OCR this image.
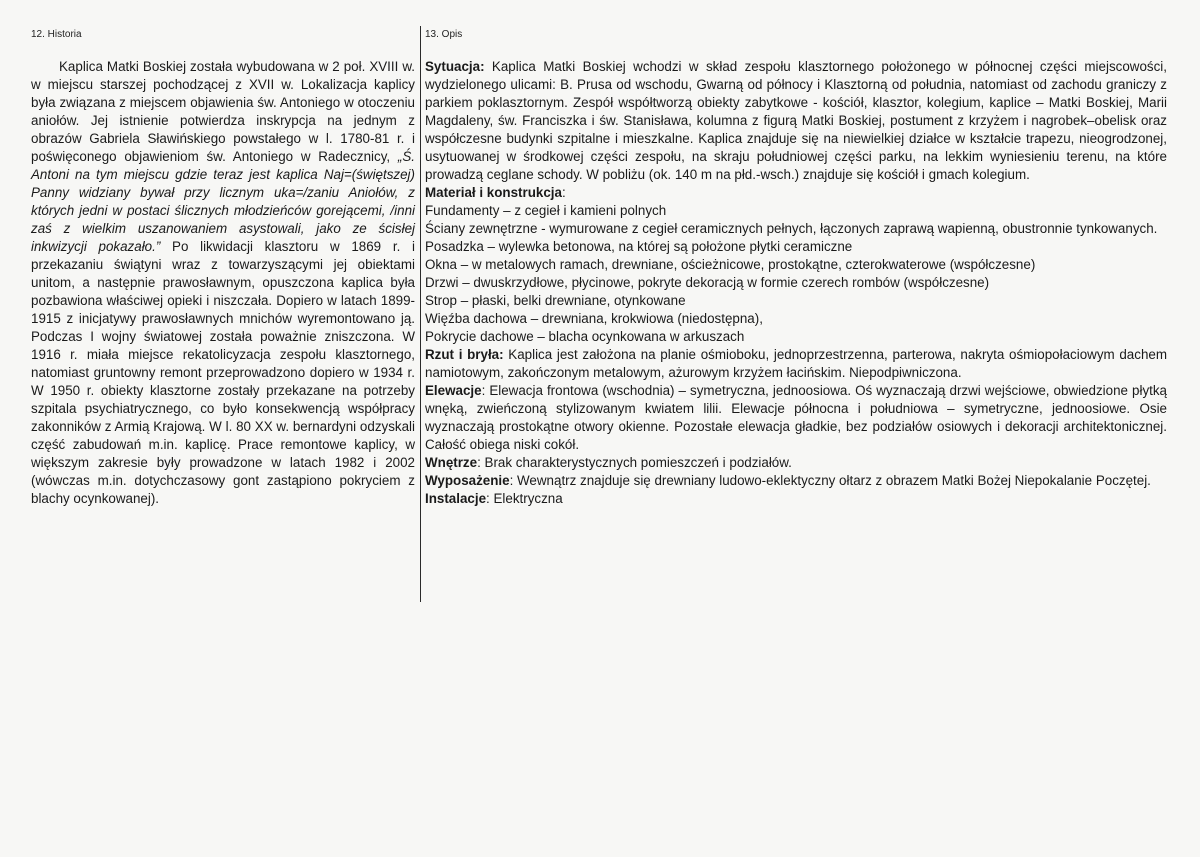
12. Historia

Kaplica Matki Boskiej została wybudowana w 2 poł. XVIII w. w miejscu starszej pochodzącej z XVII w. Lokalizacja kaplicy była związana z miejscem objawienia św. Antoniego w otoczeniu aniołów. Jej istnienie potwierdza inskrypcja na jednym z obrazów Gabriela Sławińskiego powstałego w l. 1780-81 r. i poświęconego objawieniom św. Antoniego w Radecznicy, „Ś. Antoni na tym miejscu gdzie teraz jest kaplica Naj=(świętszej) Panny widziany bywał przy licznym uka=/zaniu Aniołów, z których jedni w postaci ślicznych młodzieńców gorejącemi, /inni zaś z wielkim uszanowaniem asystowali, jako ze ścisłej inkwizycji pokazało.” Po likwidacji klasztoru w 1869 r. i przekazaniu świątyni wraz z towarzyszącymi jej obiektami unitom, a następnie prawosławnym, opuszczona kaplica była pozbawiona właściwej opieki i niszczała. Dopiero w latach 1899-1915 z inicjatywy prawosławnych mnichów wyremontowano ją. Podczas I wojny światowej została poważnie zniszczona. W 1916 r. miała miejsce rekatolicyzacja zespołu klasztornego, natomiast gruntowny remont przeprowadzono dopiero w 1934 r. W 1950 r. obiekty klasztorne zostały przekazane na potrzeby szpitala psychiatrycznego, co było konsekwencją współpracy zakonników z Armią Krajową. W l. 80 XX w. bernardyni odzyskali część zabudowań m.in. kaplicę. Prace remontowe kaplicy, w większym zakresie były prowadzone w latach 1982 i 2002 (wówczas m.in. dotychczasowy gont zastąpiono pokryciem z blachy ocynkowanej).

13. Opis

Sytuacja: Kaplica Matki Boskiej wchodzi w skład zespołu klasztornego położonego w północnej części miejscowości, wydzielonego ulicami: B. Prusa od wschodu, Gwarną od północy i Klasztorną od południa, natomiast od zachodu graniczy z parkiem poklasztornym. Zespół współtworzą obiekty zabytkowe - kościół, klasztor, kolegium, kaplice – Matki Boskiej, Marii Magdaleny, św. Franciszka i św. Stanisława, kolumna z figurą Matki Boskiej, postument z krzyżem i nagrobek–obelisk oraz współczesne budynki szpitalne i mieszkalne. Kaplica znajduje się na niewielkiej działce w kształcie trapezu, nieogrodzonej, usytuowanej w środkowej części zespołu, na skraju południowej części parku, na lekkim wyniesieniu terenu, na które prowadzą ceglane schody. W pobliżu (ok. 140 m na płd.-wsch.) znajduje się kościół i gmach kolegium.
Materiał i konstrukcja:
Fundamenty – z cegieł i kamieni polnych
Ściany zewnętrzne - wymurowane z cegieł ceramicznych pełnych, łączonych zaprawą wapienną, obustronnie tynkowanych.
Posadzka – wylewka betonowa, na której są położone płytki ceramiczne
Okna – w metalowych ramach, drewniane, ościeżnicowe, prostokątne, czterokwaterowe (współczesne)
Drzwi – dwuskrzydłowe, płycinowe, pokryte dekoracją w formie czerech rombów (współczesne)
Strop – płaski, belki drewniane, otynkowane
Więźba dachowa – drewniana, krokwiowa (niedostępna),
Pokrycie dachowe – blacha ocynkowana w arkuszach
Rzut i bryła: Kaplica jest założona na planie ośmioboku, jednoprzestrzenna, parterowa, nakryta ośmiopołaciowym dachem namiotowym, zakończonym metalowym, ażurowym krzyżem łacińskim. Niepodpiwniczona.
Elewacje: Elewacja frontowa (wschodnia) – symetryczna, jednoosiowa. Oś wyznaczają drzwi wejściowe, obwiedzione płytką wnęką, zwieńczoną stylizowanym kwiatem lilii. Elewacje północna i południowa – symetryczne, jednoosiowe. Osie wyznaczają prostokątne otwory okienne. Pozostałe elewacja gładkie, bez podziałów osiowych i dekoracji architektonicznej. Całość obiega niski cokół.
Wnętrze: Brak charakterystycznych pomieszczeń i podziałów.
Wyposażenie: Wewnątrz znajduje się drewniany ludowo-eklektyczny ołtarz z obrazem Matki Bożej Niepokalanie Poczętej.
Instalacje: Elektryczna
